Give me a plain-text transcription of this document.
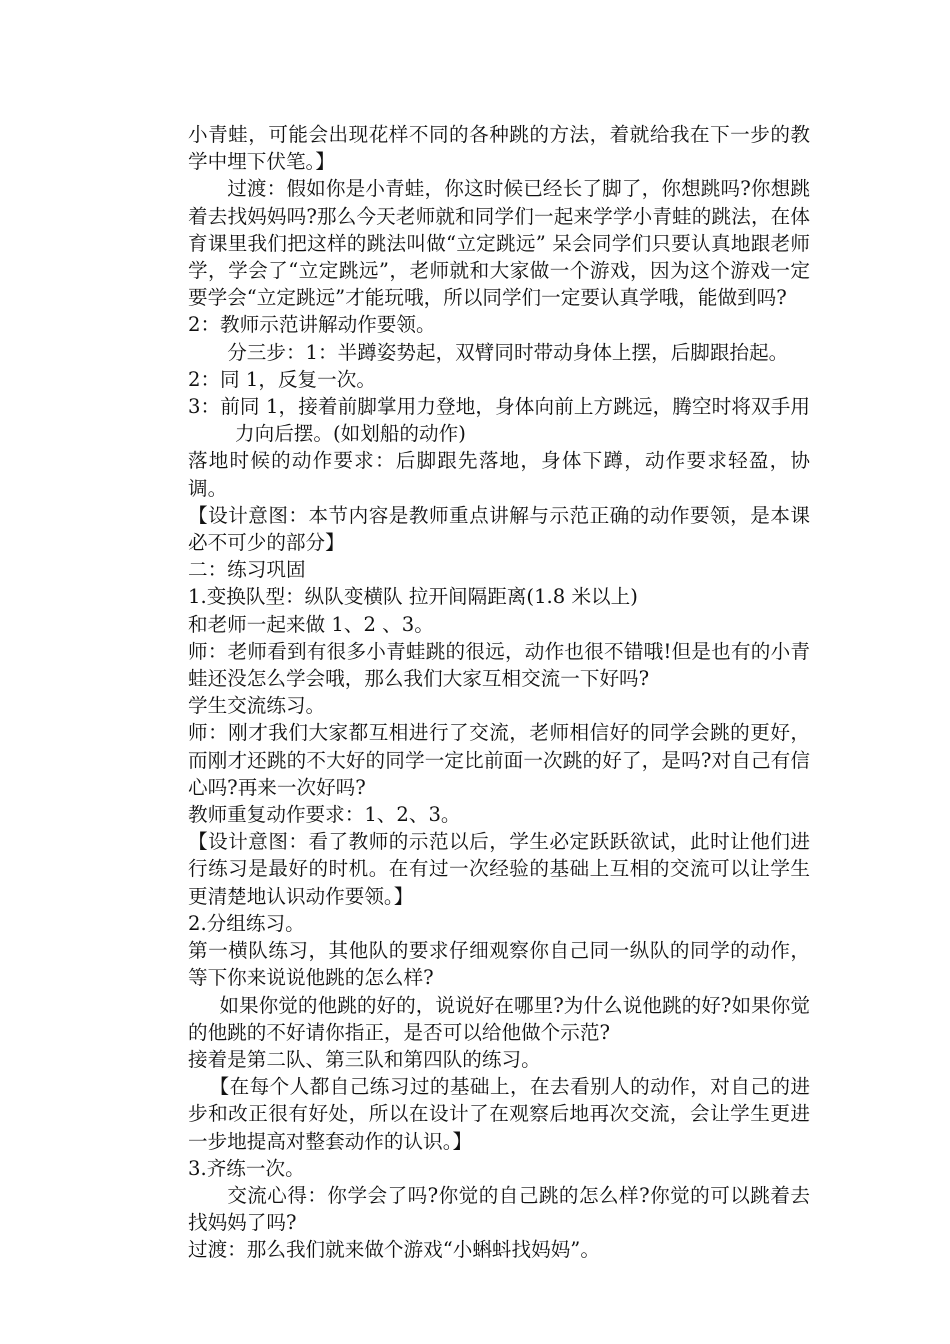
小青蛙，可能会出现花样不同的各种跳的方法，着就给我在下一步的教学中埋下伏笔。】

过渡：假如你是小青蛙，你这时候已经长了脚了，你想跳吗?你想跳着去找妈妈吗?那么今天老师就和同学们一起来学学小青蛙的跳法，在体育课里我们把这样的跳法叫做“立定跳远” 呆会同学们只要认真地跟老师学，学会了“立定跳远”，老师就和大家做一个游戏，因为这个游戏一定要学会“立定跳远”才能玩哦，所以同学们一定要认真学哦，能做到吗?

2：教师示范讲解动作要领。

分三步：1：半蹲姿势起，双臂同时带动身体上摆，后脚跟抬起。

2：同 1，反复一次。

3：前同 1，接着前脚掌用力登地，身体向前上方跳远，腾空时将双手用力向后摆。(如划船的动作)

落地时候的动作要求：后脚跟先落地，身体下蹲，动作要求轻盈，协调。

【设计意图：本节内容是教师重点讲解与示范正确的动作要领，是本课必不可少的部分】

二：练习巩固

1.变换队型：纵队变横队 拉开间隔距离(1.8 米以上)

和老师一起来做 1、2 、3。

师：老师看到有很多小青蛙跳的很远，动作也很不错哦!但是也有的小青蛙还没怎么学会哦，那么我们大家互相交流一下好吗?

学生交流练习。

师：刚才我们大家都互相进行了交流，老师相信好的同学会跳的更好，而刚才还跳的不大好的同学一定比前面一次跳的好了，是吗?对自己有信心吗?再来一次好吗?

教师重复动作要求：1、2、3。

【设计意图：看了教师的示范以后，学生必定跃跃欲试，此时让他们进行练习是最好的时机。在有过一次经验的基础上互相的交流可以让学生更清楚地认识动作要领。】

2.分组练习。

第一横队练习，其他队的要求仔细观察你自己同一纵队的同学的动作，等下你来说说他跳的怎么样?

如果你觉的他跳的好的，说说好在哪里?为什么说他跳的好?如果你觉的他跳的不好请你指正，是否可以给他做个示范?

接着是第二队、第三队和第四队的练习。

【在每个人都自己练习过的基础上，在去看别人的动作，对自己的进步和改正很有好处，所以在设计了在观察后地再次交流，会让学生更进一步地提高对整套动作的认识。】

3.齐练一次。

交流心得：你学会了吗?你觉的自己跳的怎么样?你觉的可以跳着去找妈妈了吗?

过渡：那么我们就来做个游戏“小蝌蚪找妈妈”。
